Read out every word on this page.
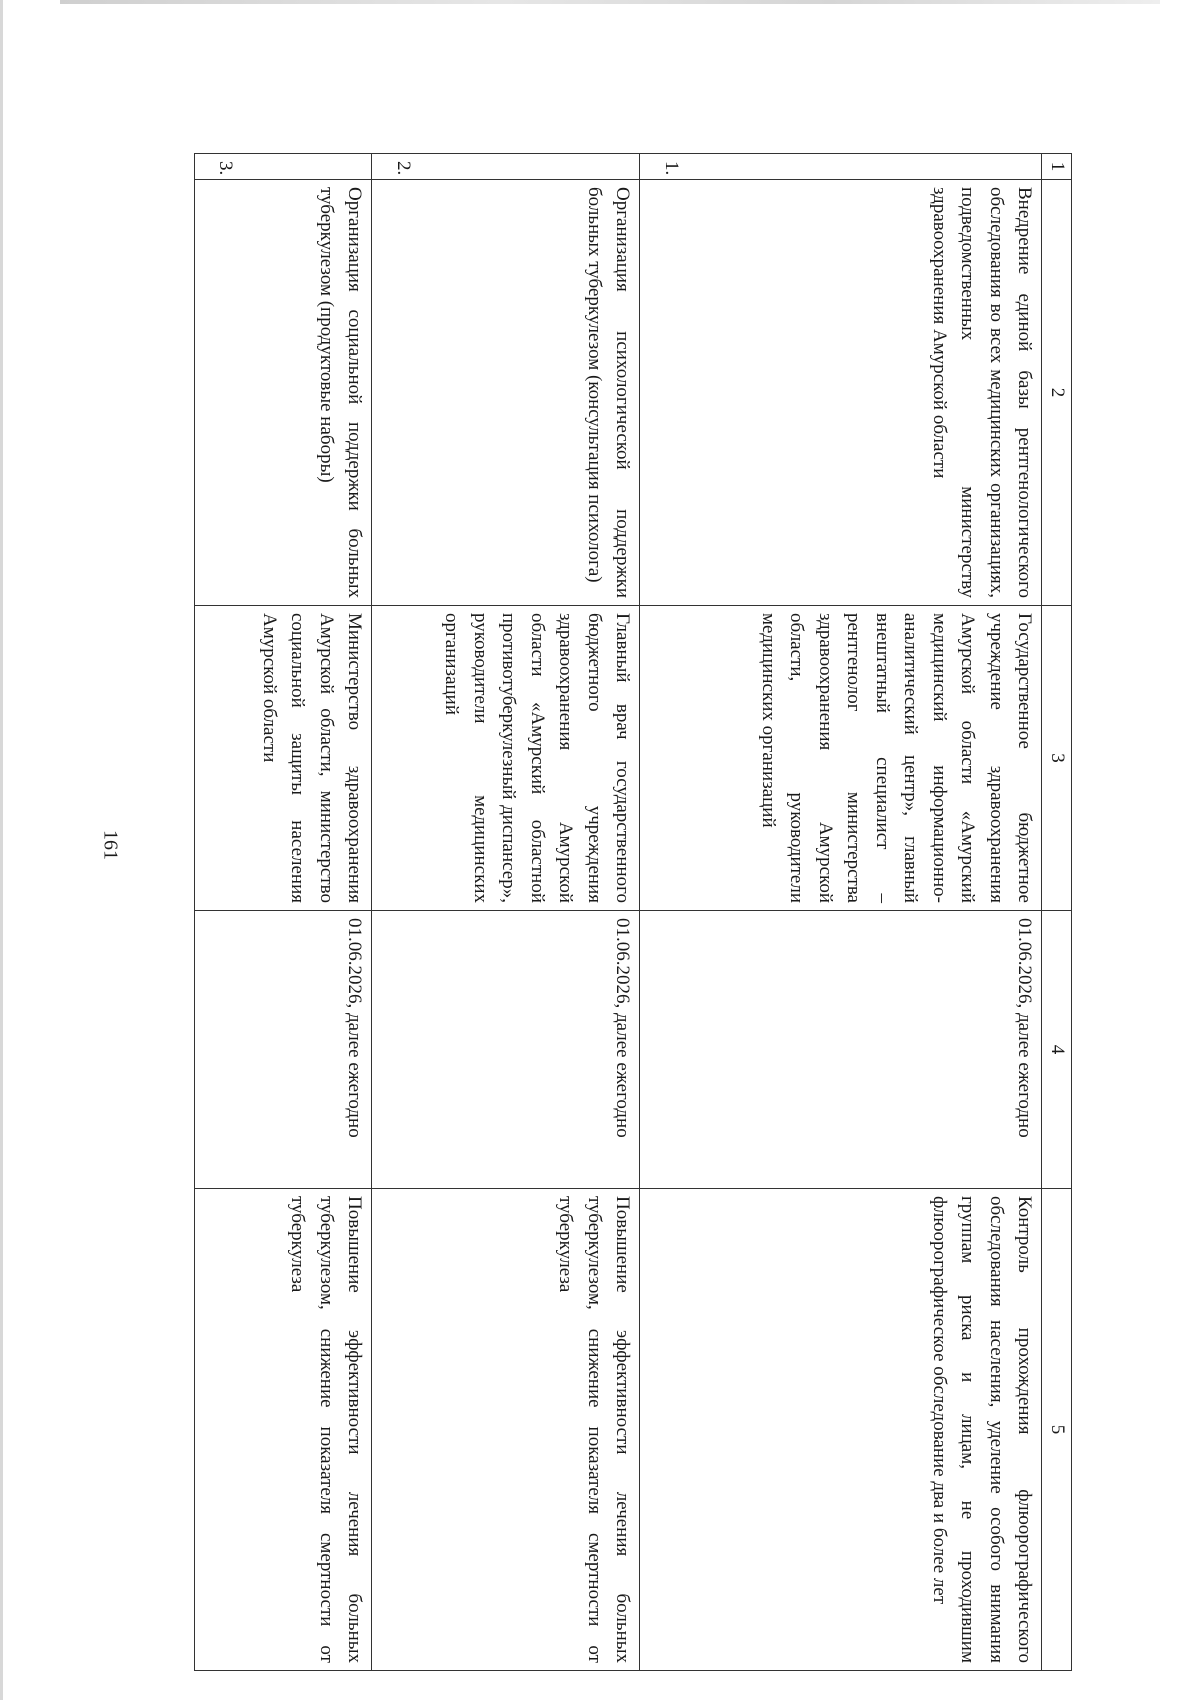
161
1	2	3	4	5
1.	Внедрение единой базы рентгенологического обследования во всех медицинских организациях, подведомственных министерству здравоохранения Амурской области	Государственное бюджетное учреждение здравоохранения Амурской области «Амурский медицинский информационно-аналитический центр», главный внештатный специалист – рентгенолог министерства здравоохранения Амурской области, руководители медицинских организаций	01.06.2026, далее ежегодно	Контроль прохождения флюорографического обследования населения, уделение особого внимания группам риска и лицам, не проходившим флюорографическое обследование два и более лет
2.	Организация психологической поддержки больных туберкулезом (консультация психолога)	Главный врач государственного бюджетного учреждения здравоохранения Амурской области «Амурский областной противотуберкулезный диспансер», руководители медицинских организаций	01.06.2026, далее ежегодно	Повышение эффективности лечения больных туберкулезом, снижение показателя смертности от туберкулеза
3.	Организация социальной поддержки больных туберкулезом (продуктовые наборы)	Министерство здравоохранения Амурской области, министерство социальной защиты населения Амурской области	01.06.2026, далее ежегодно	Повышение эффективности лечения больных туберкулезом, снижение показателя смертности от туберкулеза
